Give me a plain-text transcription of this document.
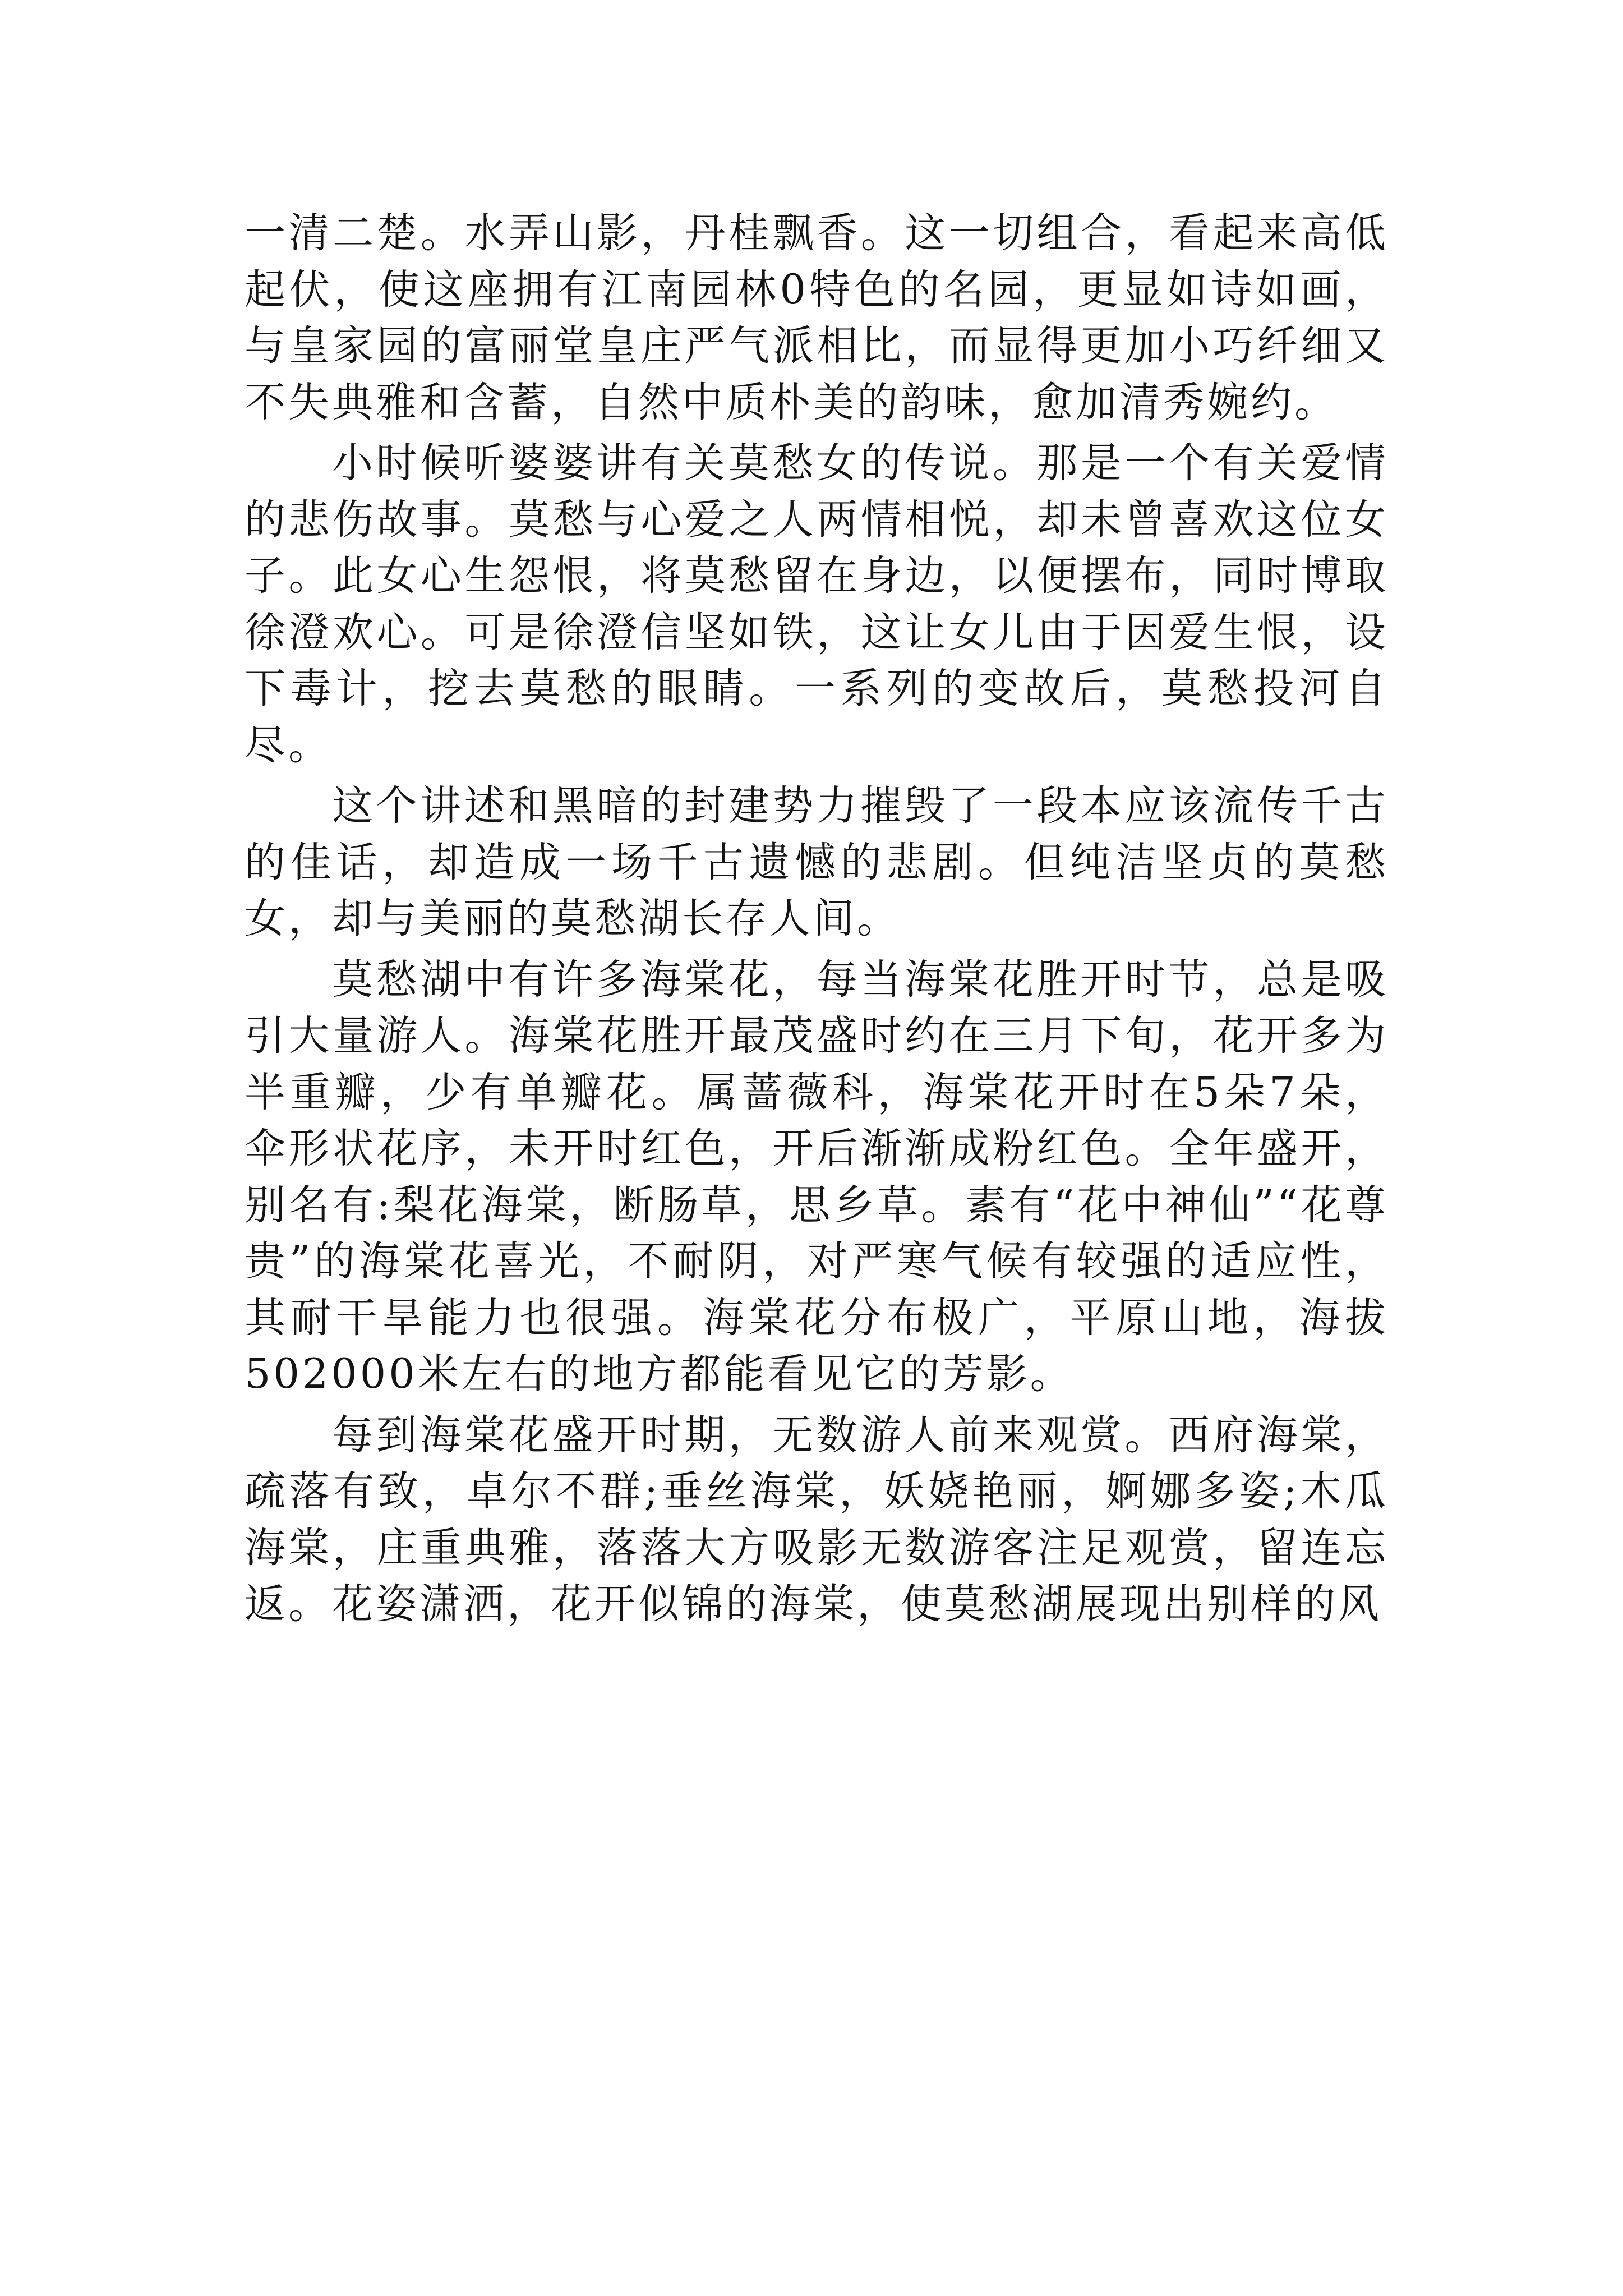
一清二楚。水弄山影，丹桂飘香。这一切组合，看起来高低起伏，使这座拥有江南园林0特色的名园，更显如诗如画，与皇家园的富丽堂皇庄严气派相比，而显得更加小巧纤细又不失典雅和含蓄，自然中质朴美的韵味，愈加清秀婉约。

小时候听婆婆讲有关莫愁女的传说。那是一个有关爱情的悲伤故事。莫愁与心爱之人两情相悦，却未曾喜欢这位女子。此女心生怨恨，将莫愁留在身边，以便摆布，同时博取徐澄欢心。可是徐澄信坚如铁，这让女儿由于因爱生恨，设下毒计，挖去莫愁的眼睛。一系列的变故后，莫愁投河自尽。

这个讲述和黑暗的封建势力摧毁了一段本应该流传千古的佳话，却造成一场千古遗憾的悲剧。但纯洁坚贞的莫愁女，却与美丽的莫愁湖长存人间。

莫愁湖中有许多海棠花，每当海棠花胜开时节，总是吸引大量游人。海棠花胜开最茂盛时约在三月下旬，花开多为半重瓣，少有单瓣花。属蔷薇科，海棠花开时在5朵7朵，伞形状花序，未开时红色，开后渐渐成粉红色。全年盛开，别名有:梨花海棠，断肠草，思乡草。素有“花中神仙”“花尊贵”的海棠花喜光，不耐阴，对严寒气候有较强的适应性，其耐干旱能力也很强。海棠花分布极广，平原山地，海拔502000米左右的地方都能看见它的芳影。

每到海棠花盛开时期，无数游人前来观赏。西府海棠，疏落有致，卓尔不群;垂丝海棠，妖娆艳丽，婀娜多姿;木瓜海棠，庄重典雅，落落大方吸影无数游客注足观赏，留连忘返。花姿潇洒，花开似锦的海棠，使莫愁湖展现出别样的风
